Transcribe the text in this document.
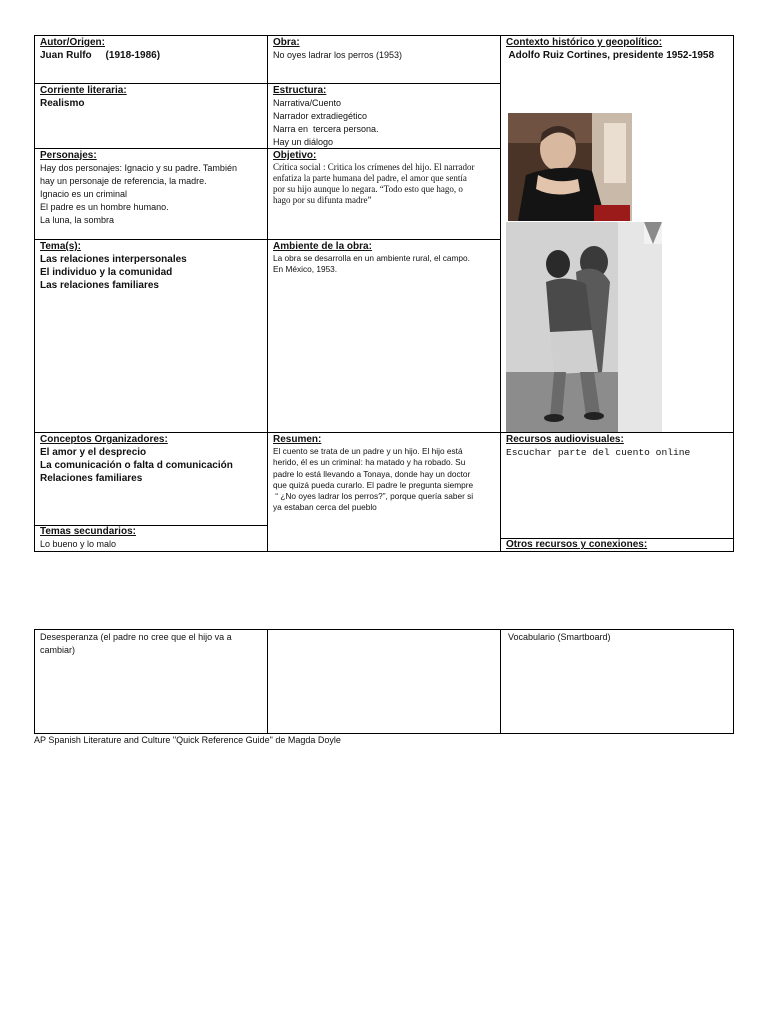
Autor/Origen:
Juan Rulfo     (1918-1986)
Obra:
No oyes ladrar los perros (1953)
Contexto histórico y geopolítico:
Adolfo Ruiz Cortines, presidente 1952-1958
Corriente literaria:
Realismo
Estructura:
Narrativa/Cuento
Narrador extradiegético
Narra en  tercera persona.
Hay un diálogo
Personajes:
Hay dos personajes: Ignacio y su padre. También
hay un personaje de referencia, la madre.
Ignacio es un criminal
El padre es un hombre humano.
La luna, la sombra
Objetivo:
Crítica social : Critica los crímenes del hijo. El narrador
enfatiza la parte humana del padre, el amor que sentía
por su hijo aunque lo negara. “Todo esto que hago, o
hago por su difunta madre”
Tema(s):
Las relaciones interpersonales
El individuo y la comunidad
Las relaciones familiares
Ambiente de la obra:
La obra se desarrolla en un ambiente rural, el campo.
En México, 1953.
Conceptos Organizadores:
El amor y el desprecio
La comunicación o falta d comunicación
Relaciones familiares
Resumen:
El cuento se trata de un padre y un hijo. El hijo está
herido, él es un criminal: ha matado y ha robado. Su
padre lo está llevando a Tonaya, donde hay un doctor
que quizá pueda curarlo. El padre le pregunta siempre
“ ¿No oyes ladrar los perros?”, porque quería saber si
ya estaban cerca del pueblo
Recursos audiovisuales:
Escuchar parte del cuento online
Temas secundarios:
Lo bueno y lo malo	Otros recursos y conexiones:
Desesperanza (el padre no cree que el hijo va a
cambiar)
Vocabulario (Smartboard)
AP Spanish Literature and Culture "Quick Reference Guide" de Magda Doyle
